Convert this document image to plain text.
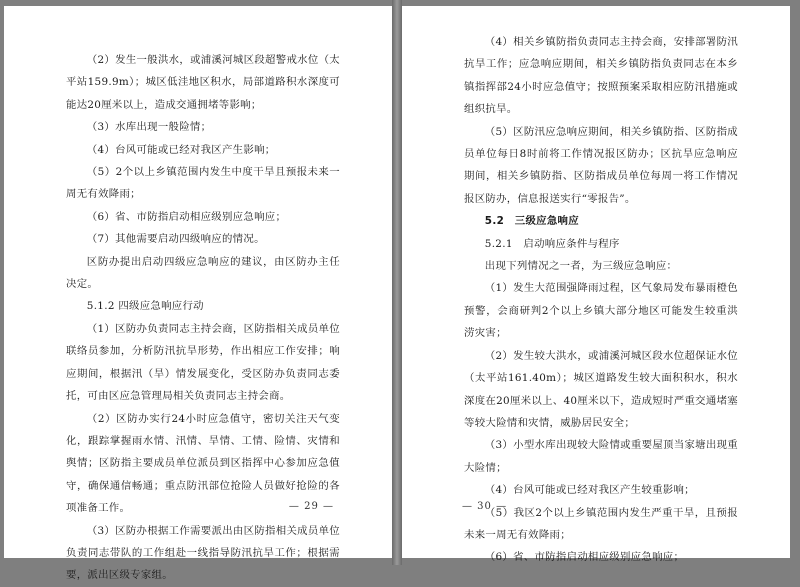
（2）发生一般洪水，或浦溪河城区段超警戒水位（太平站159.9m）；城区低洼地区积水，局部道路积水深度可能达20厘米以上，造成交通拥堵等影响；

（3）水库出现一般险情；

（4）台风可能或已经对我区产生影响；

（5）2个以上乡镇范围内发生中度干旱且预报未来一周无有效降雨；

（6）省、市防指启动相应级别应急响应；

（7）其他需要启动四级响应的情况。

区防办提出启动四级应急响应的建议，由区防办主任决定。

5.1.2 四级应急响应行动

（1）区防办负责同志主持会商，区防指相关成员单位联络员参加，分析防汛抗旱形势，作出相应工作安排；响应期间，根据汛（旱）情发展变化，受区防办负责同志委托，可由区应急管理局相关负责同志主持会商。

（2）区防办实行24小时应急值守，密切关注天气变化，跟踪掌握雨水情、汛情、旱情、工情、险情、灾情和舆情；区防指主要成员单位派员到区指挥中心参加应急值守，确保通信畅通；重点防汛部位抢险人员做好抢险的各项准备工作。

（3）区防办根据工作需要派出由区防指相关成员单位负责同志带队的工作组赴一线指导防汛抗旱工作；根据需要，派出区级专家组。

— 29 —

（4）相关乡镇防指负责同志主持会商，安排部署防汛抗旱工作；应急响应期间，相关乡镇防指负责同志在本乡镇指挥部24小时应急值守；按照预案采取相应防汛措施或组织抗旱。

（5）区防汛应急响应期间，相关乡镇防指、区防指成员单位每日8时前将工作情况报区防办；区抗旱应急响应期间，相关乡镇防指、区防指成员单位每周一将工作情况报区防办，信息报送实行“零报告”。

5.2　三级应急响应

5.2.1　启动响应条件与程序

出现下列情况之一者，为三级应急响应：

（1）发生大范围强降雨过程，区气象局发布暴雨橙色预警，会商研判2个以上乡镇大部分地区可能发生较重洪涝灾害；

（2）发生较大洪水，或浦溪河城区段水位超保证水位（太平站161.40m）；城区道路发生较大面积积水，积水深度在20厘米以上、40厘米以下，造成短时严重交通堵塞等较大险情和灾情，威胁居民安全；

（3）小型水库出现较大险情或重要屋顶当家塘出现重大险情；

（4）台风可能或已经对我区产生较重影响；

（5）我区2个以上乡镇范围内发生严重干旱，且预报未来一周无有效降雨；

（6）省、市防指启动相应级别应急响应；

— 30 —
